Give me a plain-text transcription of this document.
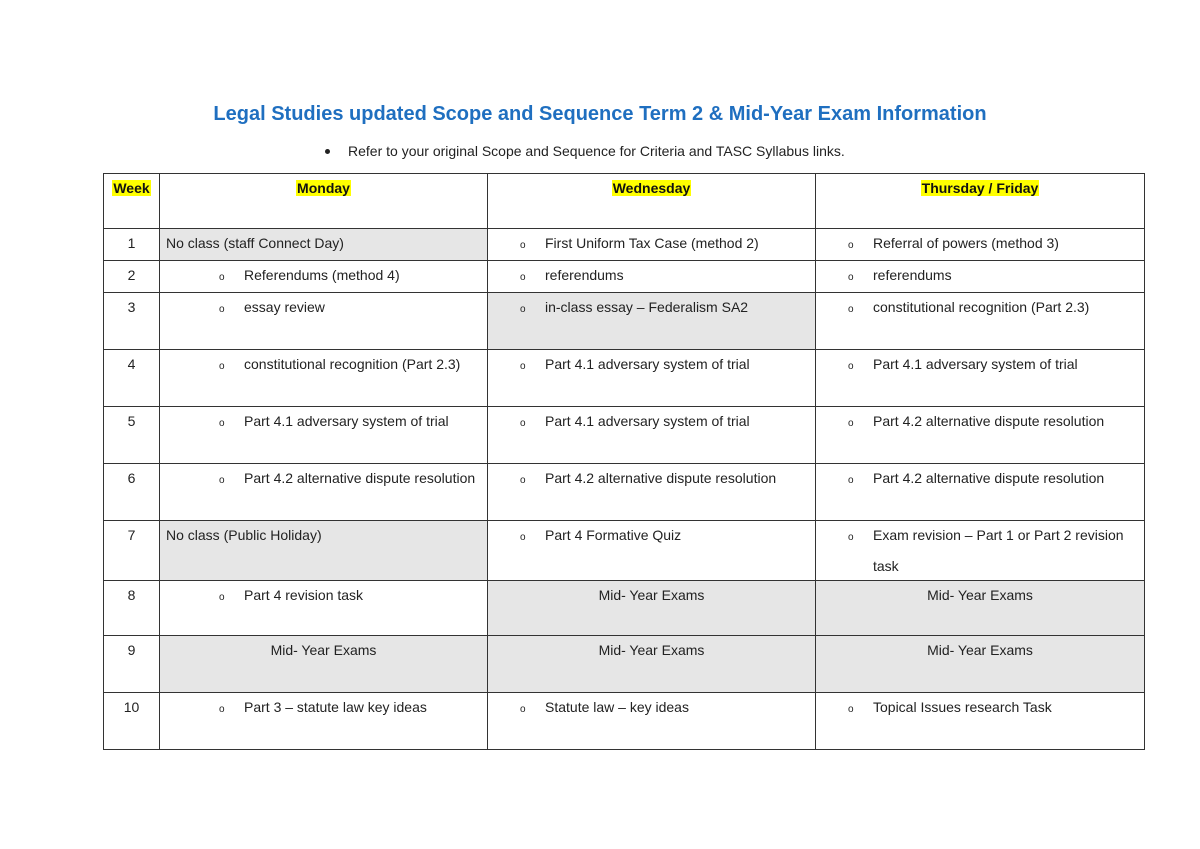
Legal Studies updated Scope and Sequence Term 2 & Mid-Year Exam Information
Refer to your original Scope and Sequence for Criteria and TASC Syllabus links.
Week	Monday	Wednesday	Thursday / Friday
1	No class (staff Connect Day)	o First Uniform Tax Case (method 2)	o Referral of powers (method 3)

2	o Referendums (method 4)	o referendums	o referendums

3	o essay review	o in-class essay – Federalism SA2	o constitutional recognition (Part 2.3)

4	o constitutional recognition (Part 2.3)	o Part 4.1 adversary system of trial	o Part 4.1 adversary system of trial

5	o Part 4.1 adversary system of trial	o Part 4.1 adversary system of trial	o Part 4.2 alternative dispute resolution

6	o Part 4.2 alternative dispute resolution	o Part 4.2 alternative dispute resolution	o Part 4.2 alternative dispute resolution

7	No class (Public Holiday)	o Part 4 Formative Quiz	o Exam revision – Part 1 or Part 2 revision task

8	o Part 4 revision task	Mid- Year Exams	Mid- Year Exams
9	Mid- Year Exams	Mid- Year Exams	Mid- Year Exams
10	o Part 3 – statute law key ideas	o Statute law – key ideas	o Topical Issues research Task
